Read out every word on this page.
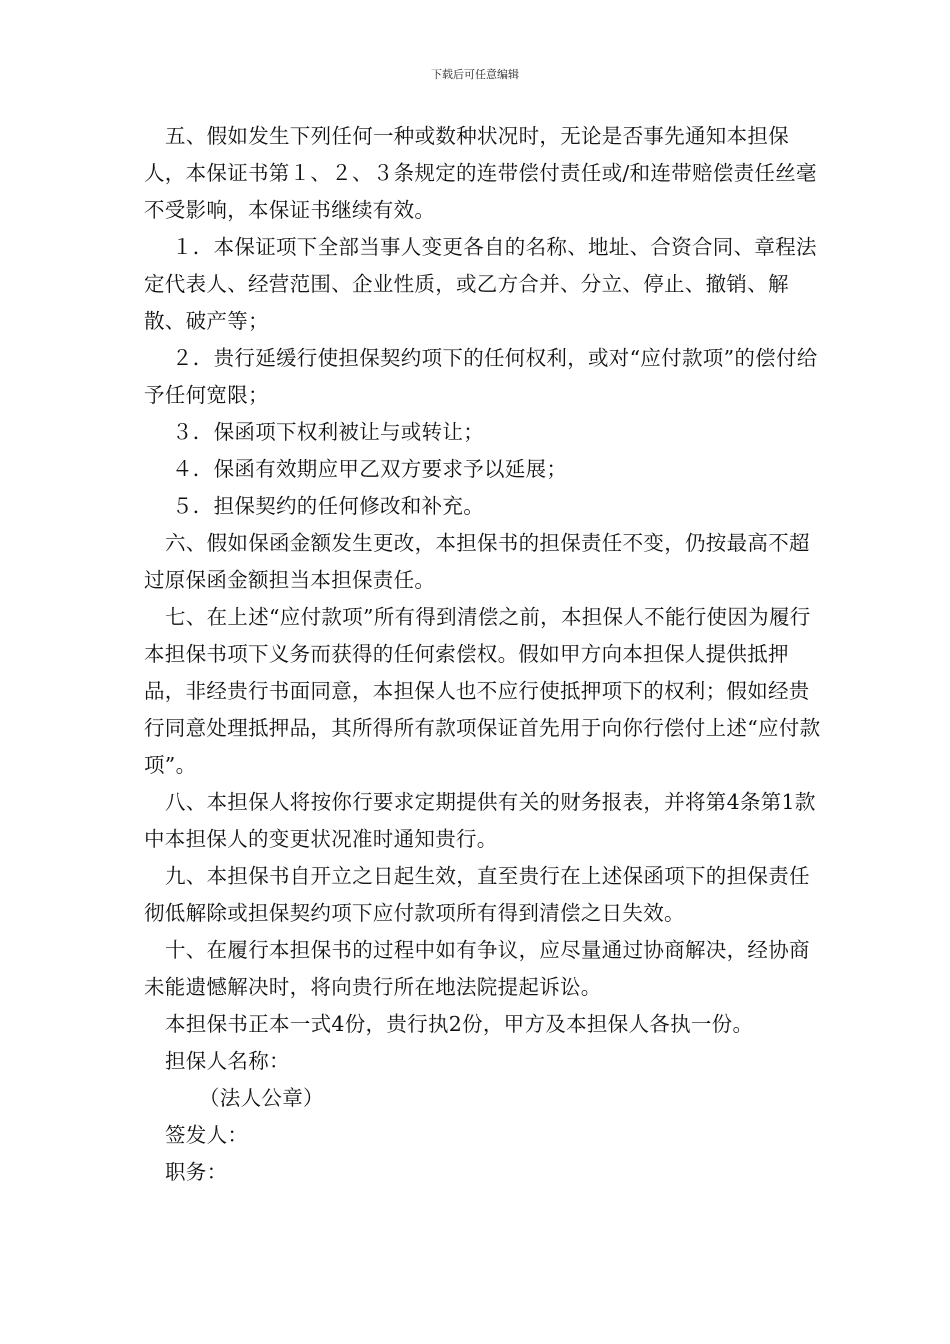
下载后可任意编辑

五、假如发生下列任何一种或数种状况时，无论是否事先通知本担保人，本保证书第１、２、３条规定的连带偿付责任或/和连带赔偿责任丝毫不受影响，本保证书继续有效。

１．本保证项下全部当事人变更各自的名称、地址、合资合同、章程法定代表人、经营范围、企业性质，或乙方合并、分立、停止、撤销、解散、破产等；

２．贵行延缓行使担保契约项下的任何权利，或对“应付款项”的偿付给予任何宽限；

３．保函项下权利被让与或转让；

４．保函有效期应甲乙双方要求予以延展；

５．担保契约的任何修改和补充。

六、假如保函金额发生更改，本担保书的担保责任不变，仍按最高不超过原保函金额担当本担保责任。

七、在上述“应付款项”所有得到清偿之前，本担保人不能行使因为履行本担保书项下义务而获得的任何索偿权。假如甲方向本担保人提供抵押品，非经贵行书面同意，本担保人也不应行使抵押项下的权利；假如经贵行同意处理抵押品，其所得所有款项保证首先用于向你行偿付上述“应付款项”。

八、本担保人将按你行要求定期提供有关的财务报表，并将第4条第1款中本担保人的变更状况准时通知贵行。

九、本担保书自开立之日起生效，直至贵行在上述保函项下的担保责任彻低解除或担保契约项下应付款项所有得到清偿之日失效。

十、在履行本担保书的过程中如有争议，应尽量通过协商解决，经协商未能遗憾解决时，将向贵行所在地法院提起诉讼。

本担保书正本一式4份，贵行执2份，甲方及本担保人各执一份。

担保人名称：

（法人公章）

签发人：

职务：
